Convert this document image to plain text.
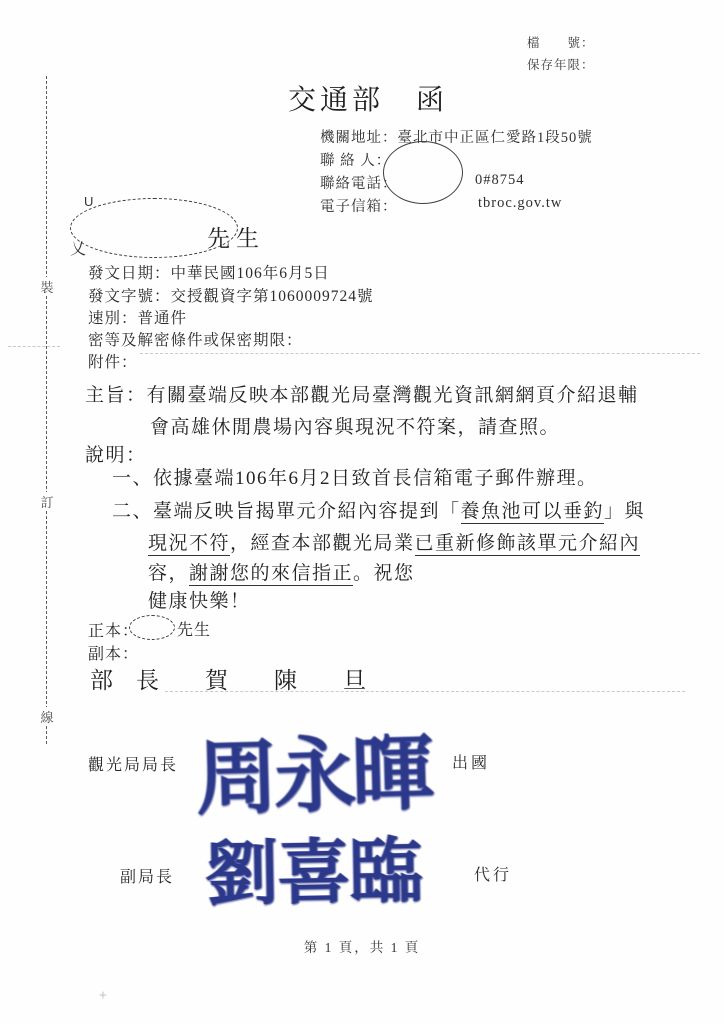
檔　　號：
保存年限：
交通部　函
機關地址：臺北市中正區仁愛路1段50號
聯 絡 人：
聯絡電話：	0#8754
電子信箱：	tbroc.gov.tw
U
乂	先生
發文日期：中華民國106年6月5日
發文字號：交授觀資字第1060009724號
速別：普通件
密等及解密條件或保密期限：
附件：
主旨：有關臺端反映本部觀光局臺灣觀光資訊網網頁介紹退輔
會高雄休閒農場內容與現況不符案，請查照。
說明：
一、依據臺端106年6月2日致首長信箱電子郵件辦理。
二、臺端反映旨揭單元介紹內容提到「養魚池可以垂釣」與
現況不符，經查本部觀光局業已重新修飾該單元介紹內
容，謝謝您的來信指正。祝您
健康快樂！
正本： 先生
副本：
部　長　　賀　　陳　　旦
觀光局局長 周永暉 出國
副局長 劉喜臨	代行
第 1 頁，共 1 頁
裝
訂
線
+
